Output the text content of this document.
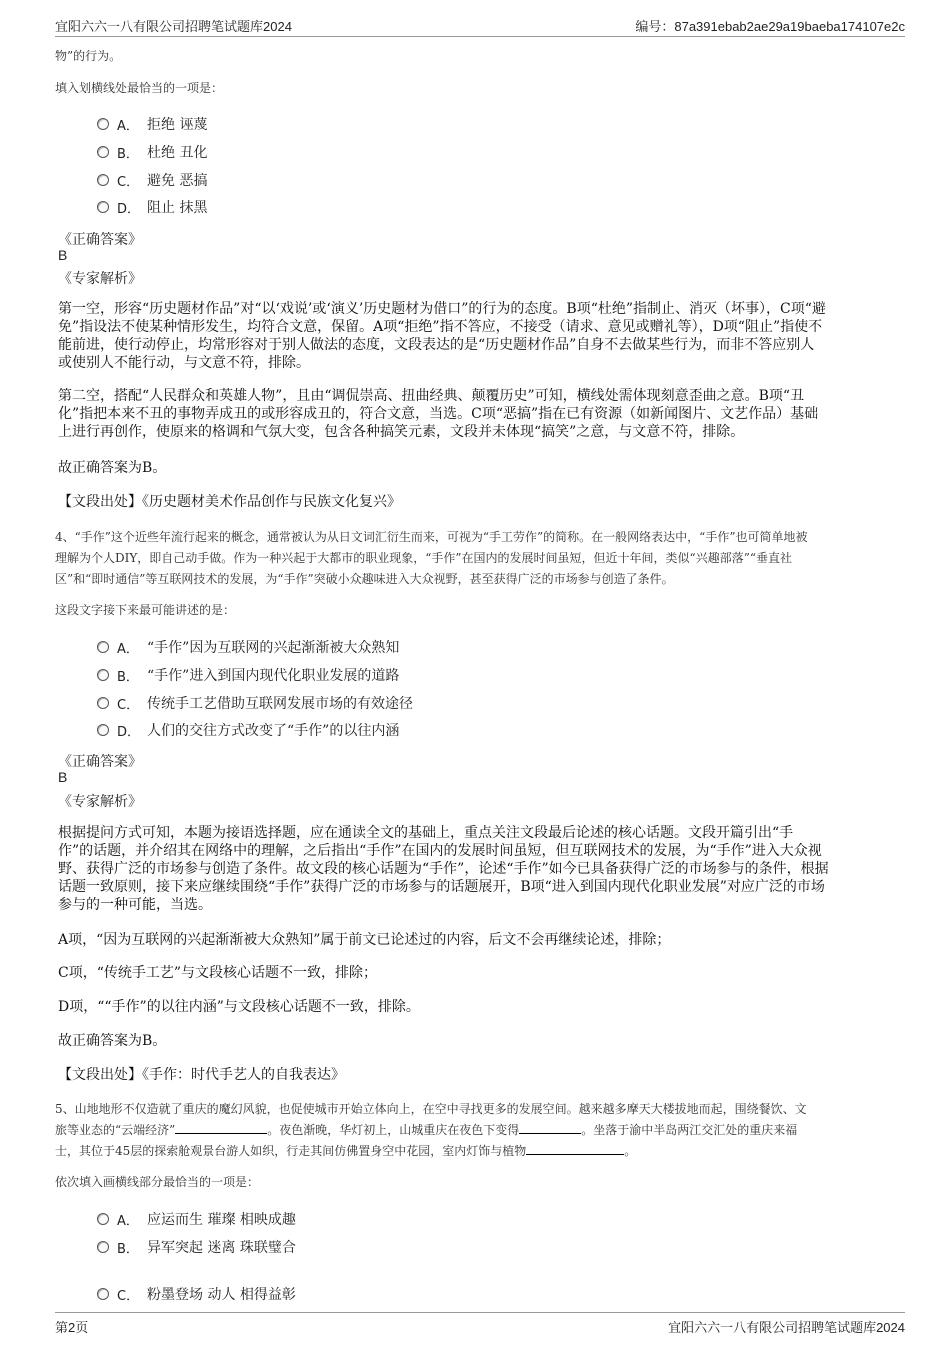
宜阳六六一八有限公司招聘笔试题库2024	编号：87a391ebab2ae29a19baeba174107e2c
物”的行为。
填入划横线处最恰当的一项是：
A． 拒绝 诬蔑
B． 杜绝 丑化
C． 避免 恶搞
D． 阻止 抹黑
《正确答案》
B
《专家解析》
第一空，形容“历史题材作品”对“以‘戏说’或‘演义’历史题材为借口”的行为的态度。B项“杜绝”指制止、消灭（坏事），C项“避
免”指设法不使某种情形发生，均符合文意，保留。A项“拒绝”指不答应，不接受（请求、意见或赠礼等），D项“阻止”指使不
能前进，使行动停止，均常形容对于别人做法的态度，文段表达的是“历史题材作品”自身不去做某些行为，而非不答应别人
或使别人不能行动，与文意不符，排除。
第二空，搭配“人民群众和英雄人物”，且由“调侃崇高、扭曲经典、颠覆历史”可知，横线处需体现刻意歪曲之意。B项“丑
化”指把本来不丑的事物弄成丑的或形容成丑的，符合文意，当选。C项“恶搞”指在已有资源（如新闻图片、文艺作品）基础
上进行再创作，使原来的格调和气氛大变，包含各种搞笑元素，文段并未体现“搞笑”之意，与文意不符，排除。
故正确答案为B。
【文段出处】《历史题材美术作品创作与民族文化复兴》
4、“手作”这个近些年流行起来的概念，通常被认为从日文词汇衍生而来，可视为“手工劳作”的简称。在一般网络表达中，“手作”也可简单地被
理解为个人DIY，即自己动手做。作为一种兴起于大都市的职业现象，“手作”在国内的发展时间虽短，但近十年间，类似“兴趣部落”“垂直社
区”和“即时通信”等互联网技术的发展，为“手作”突破小众趣味进入大众视野，甚至获得广泛的市场参与创造了条件。
这段文字接下来最可能讲述的是：
A． “手作”因为互联网的兴起渐渐被大众熟知
B． “手作”进入到国内现代化职业发展的道路
C． 传统手工艺借助互联网发展市场的有效途径
D． 人们的交往方式改变了“手作”的以往内涵
《正确答案》
B
《专家解析》
根据提问方式可知，本题为接语选择题，应在通读全文的基础上，重点关注文段最后论述的核心话题。文段开篇引出“手
作”的话题，并介绍其在网络中的理解，之后指出“手作”在国内的发展时间虽短，但互联网技术的发展，为“手作”进入大众视
野、获得广泛的市场参与创造了条件。故文段的核心话题为“手作”，论述“手作”如今已具备获得广泛的市场参与的条件，根据
话题一致原则，接下来应继续围绕“手作”获得广泛的市场参与的话题展开，B项“进入到国内现代化职业发展”对应广泛的市场
参与的一种可能，当选。
A项，“因为互联网的兴起渐渐被大众熟知”属于前文已论述过的内容，后文不会再继续论述，排除；
C项，“传统手工艺”与文段核心话题不一致，排除；
D项，““手作”的以往内涵”与文段核心话题不一致，排除。
故正确答案为B。
【文段出处】《手作：时代手艺人的自我表达》
5、山地地形不仅造就了重庆的魔幻风貌，也促使城市开始立体向上，在空中寻找更多的发展空间。越来越多摩天大楼拔地而起，围绕餐饮、文
旅等业态的“云端经济”	。夜色渐晚，华灯初上，山城重庆在夜色下变得	。坐落于渝中半岛两江交汇处的重庆来福
士，其位于45层的探索舱观景台游人如织，行走其间仿佛置身空中花园，室内灯饰与植物	。
依次填入画横线部分最恰当的一项是：
A． 应运而生 璀璨 相映成趣
B． 异军突起 迷离 珠联璧合
C． 粉墨登场 动人 相得益彰
第2页	宜阳六六一八有限公司招聘笔试题库2024
